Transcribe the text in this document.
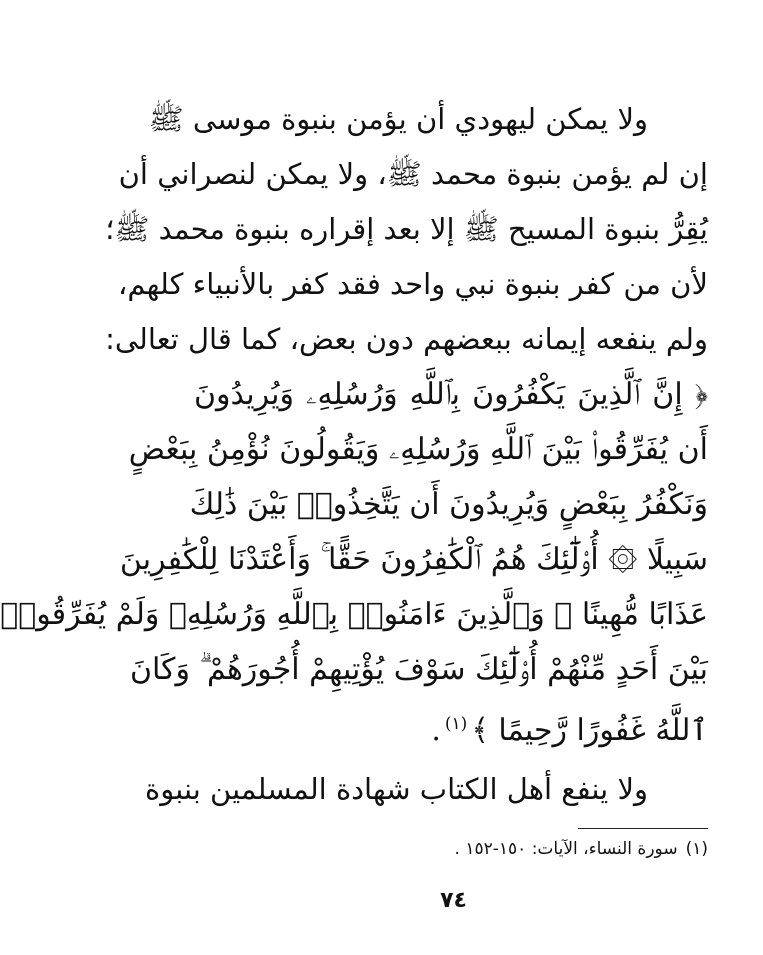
ولا يمكن ليهودي أن يؤمن بنبوة موسى ﷺ
إن لم يؤمن بنبوة محمد ﷺ، ولا يمكن لنصراني أن
يُقِرُّ بنبوة المسيح ﷺ إلا بعد إقراره بنبوة محمد ﷺ؛
لأن من كفر بنبوة نبي واحد فقد كفر بالأنبياء كلهم،
ولم ينفعه إيمانه ببعضهم دون بعض، كما قال تعالى:
﴿ إِنَّ ٱلَّذِينَ يَكْفُرُونَ بِٱللَّهِ وَرُسُلِهِۦ وَيُرِيدُونَ
أَن يُفَرِّقُوا۟ بَيْنَ ٱللَّهِ وَرُسُلِهِۦ وَيَقُولُونَ نُؤْمِنُ بِبَعْضٍ
وَنَكْفُرُ بِبَعْضٍ وَيُرِيدُونَ أَن يَتَّخِذُوا۟ بَيْنَ ذَٰلِكَ
سَبِيلًا ۞ أُو۟لَٰٓئِكَ هُمُ ٱلْكَٰفِرُونَ حَقًّا ۚ وَأَعْتَدْنَا لِلْكَٰفِرِينَ
عَذَابًا مُّهِينًا ۞ وَٱلَّذِينَ ءَامَنُوا۟ بِٱللَّهِ وَرُسُلِهِۦ وَلَمْ يُفَرِّقُوا۟
بَيْنَ أَحَدٍ مِّنْهُمْ أُو۟لَٰٓئِكَ سَوْفَ يُؤْتِيهِمْ أُجُورَهُمْ ۗ وَكَانَ
ٱللَّهُ غَفُورًا رَّحِيمًا ﴾$^{(١)}$.
ولا ينفع أهل الكتاب شهادة المسلمين بنبوة
(١)سورة النساء، الآيات: ١٥٠-١٥٢ .
٧٤
